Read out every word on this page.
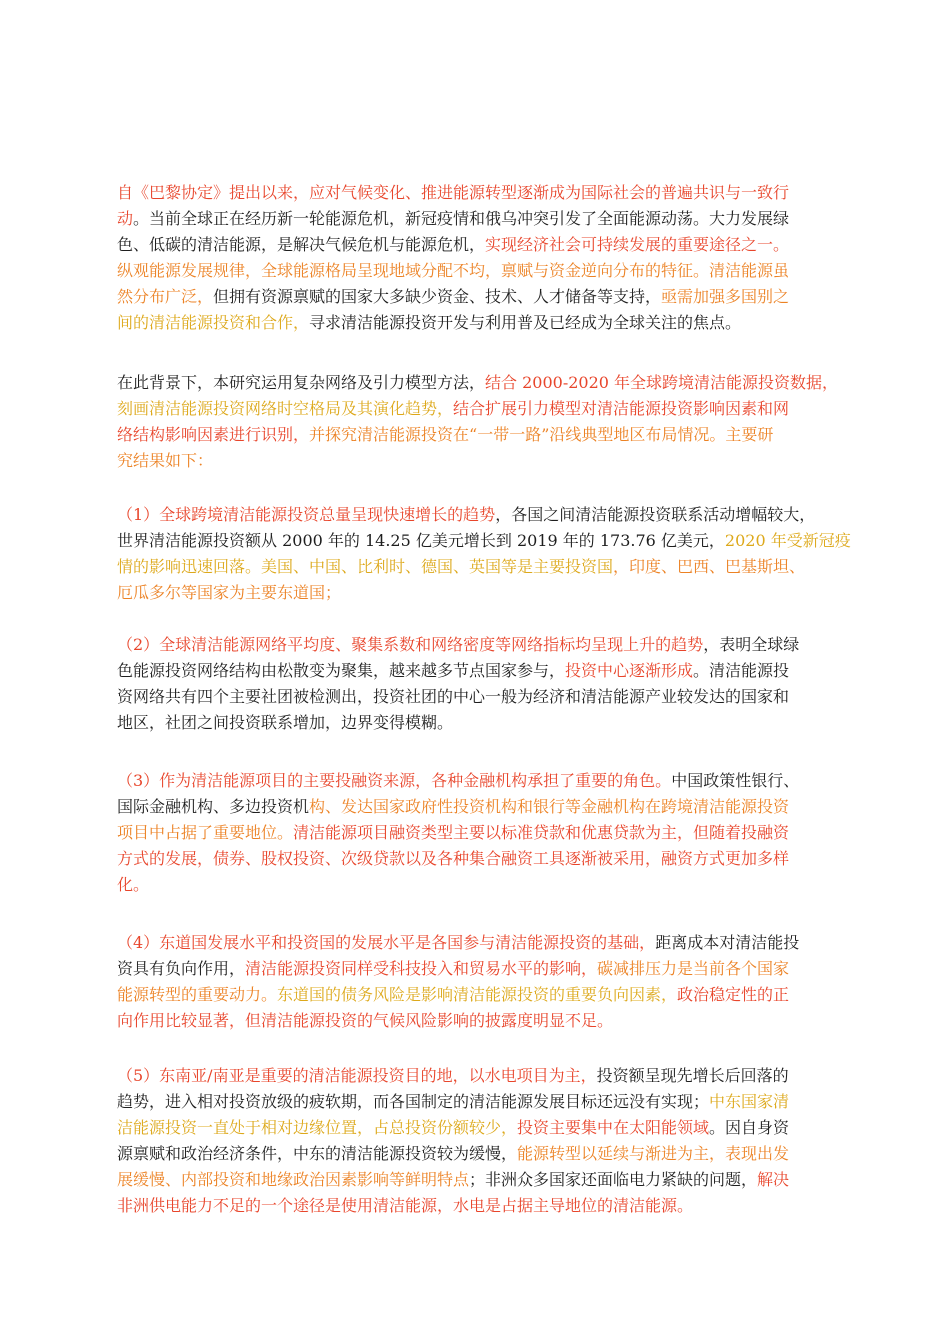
自《巴黎协定》提出以来，应对气候变化、推进能源转型逐渐成为国际社会的普遍共识与一致行
动。当前全球正在经历新一轮能源危机，新冠疫情和俄乌冲突引发了全面能源动荡。大力发展绿
色、低碳的清洁能源，是解决气候危机与能源危机，实现经济社会可持续发展的重要途径之一。
纵观能源发展规律，全球能源格局呈现地域分配不均，禀赋与资金逆向分布的特征。清洁能源虽
然分布广泛，但拥有资源禀赋的国家大多缺少资金、技术、人才储备等支持，亟需加强多国别之
间的清洁能源投资和合作，寻求清洁能源投资开发与利用普及已经成为全球关注的焦点。
在此背景下，本研究运用复杂网络及引力模型方法，结合 2000-2020 年全球跨境清洁能源投资数据，
刻画清洁能源投资网络时空格局及其演化趋势，结合扩展引力模型对清洁能源投资影响因素和网
络结构影响因素进行识别，并探究清洁能源投资在“一带一路”沿线典型地区布局情况。主要研
究结果如下：
（1）全球跨境清洁能源投资总量呈现快速增长的趋势，各国之间清洁能源投资联系活动增幅较大，
世界清洁能源投资额从 2000 年的 14.25 亿美元增长到 2019 年的 173.76 亿美元，2020 年受新冠疫
情的影响迅速回落。美国、中国、比利时、德国、英国等是主要投资国，印度、巴西、巴基斯坦、
厄瓜多尔等国家为主要东道国；
（2）全球清洁能源网络平均度、聚集系数和网络密度等网络指标均呈现上升的趋势，表明全球绿
色能源投资网络结构由松散变为聚集，越来越多节点国家参与，投资中心逐渐形成。清洁能源投
资网络共有四个主要社团被检测出，投资社团的中心一般为经济和清洁能源产业较发达的国家和
地区，社团之间投资联系增加，边界变得模糊。
（3）作为清洁能源项目的主要投融资来源，各种金融机构承担了重要的角色。中国政策性银行、
国际金融机构、多边投资机构、发达国家政府性投资机构和银行等金融机构在跨境清洁能源投资
项目中占据了重要地位。清洁能源项目融资类型主要以标准贷款和优惠贷款为主，但随着投融资
方式的发展，债券、股权投资、次级贷款以及各种集合融资工具逐渐被采用，融资方式更加多样
化。
（4）东道国发展水平和投资国的发展水平是各国参与清洁能源投资的基础，距离成本对清洁能投
资具有负向作用，清洁能源投资同样受科技投入和贸易水平的影响，碳减排压力是当前各个国家
能源转型的重要动力。东道国的债务风险是影响清洁能源投资的重要负向因素，政治稳定性的正
向作用比较显著，但清洁能源投资的气候风险影响的披露度明显不足。
（5）东南亚/南亚是重要的清洁能源投资目的地，以水电项目为主，投资额呈现先增长后回落的
趋势，进入相对投资放级的疲软期，而各国制定的清洁能源发展目标还远没有实现；中东国家清
洁能源投资一直处于相对边缘位置，占总投资份额较少，投资主要集中在太阳能领域。因自身资
源禀赋和政治经济条件，中东的清洁能源投资较为缓慢，能源转型以延续与渐进为主，表现出发
展缓慢、内部投资和地缘政治因素影响等鲜明特点；非洲众多国家还面临电力紧缺的问题，解决
非洲供电能力不足的一个途径是使用清洁能源，水电是占据主导地位的清洁能源。
